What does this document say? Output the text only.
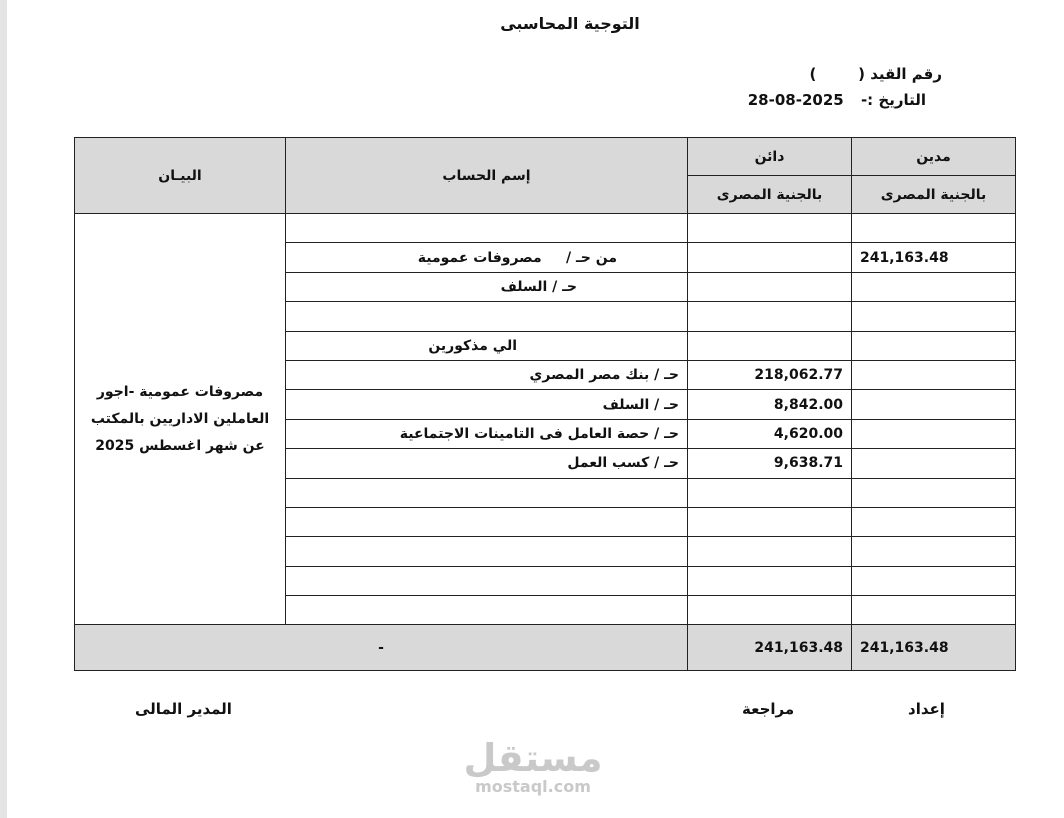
التوجية المحاسبى
رقم القيد (        )
التاريخ :- 2025-08-28
مدين	دائن	إسم الحساب	البيـان
بالجنية المصرى	بالجنية المصرى		
			مصروفات عمومية -اجور العاملين الاداريين بالمكتب عن شهر اغسطس 2025
241,163.48		من حـ /     مصروفات عمومية	
		حـ / السلف	

		الي مذكورين	
	218,062.77	حـ / بنك مصر المصري	
	8,842.00	حـ / السلف	
	4,620.00	حـ / حصة العامل فى التامينات الاجتماعية	
	9,638.71	حـ / كسب العمل	

241,163.48	241,163.48	-	
إعداد
مراجعة
المدير المالى
مستقل
mostaql.com
